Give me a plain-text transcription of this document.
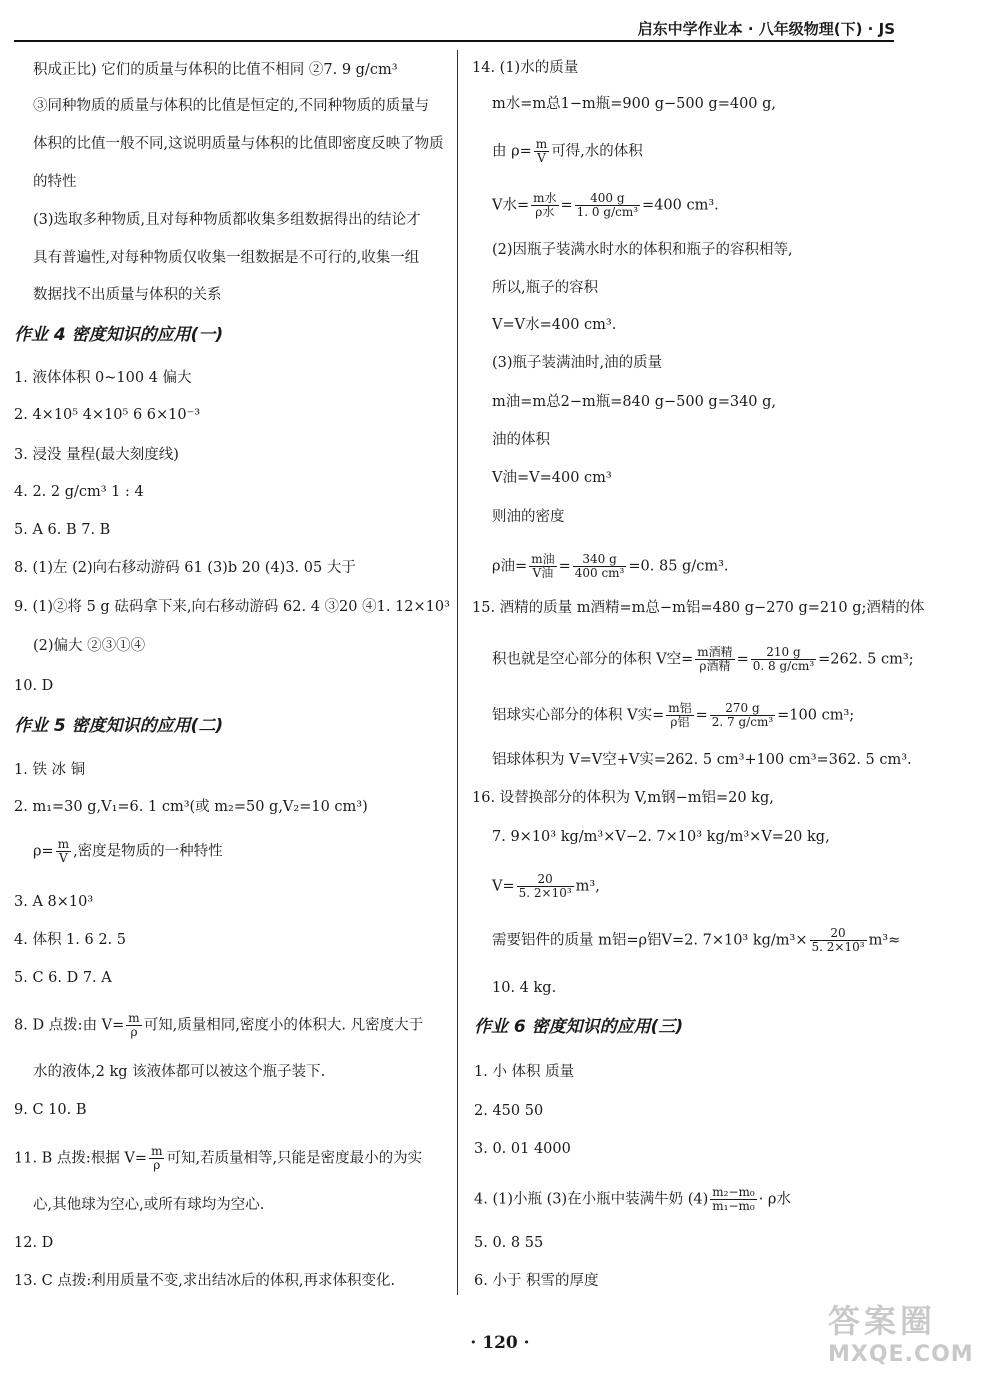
启东中学作业本 · 八年级物理(下) · JS
积成正比) 它们的质量与体积的比值不相同 ②7. 9 g/cm³
③同种物质的质量与体积的比值是恒定的,不同种物质的质量与
体积的比值一般不同,这说明质量与体积的比值即密度反映了物质
的特性
(3)选取多种物质,且对每种物质都收集多组数据得出的结论才
具有普遍性,对每种物质仅收集一组数据是不可行的,收集一组
数据找不出质量与体积的关系
作业 4 密度知识的应用(一)
1. 液体体积 0~100 4 偏大
2. 4×10⁵ 4×10⁵ 6 6×10⁻³
3. 浸没 量程(最大刻度线)
4. 2. 2 g/cm³ 1 : 4
5. A 6. B 7. B
8. (1)左 (2)向右移动游码 61 (3)b 20 (4)3. 05 大于
9. (1)②将 5 g 砝码拿下来,向右移动游码 62. 4 ③20 ④1. 12×10³
(2)偏大 ②③①④
10. D
作业 5 密度知识的应用(二)
1. 铁 冰 铜
2. m₁=30 g,V₁=6. 1 cm³(或 m₂=50 g,V₂=10 cm³)
$\rho= \frac{m}{V}$ ,密度是物质的一种特性
3. A 8×10³
4. 体积 1. 6 2. 5
5. C 6. D 7. A
8. D 点拨:由 $V= \frac{m}{\rho}$ 可知,质量相同,密度小的体积大. 凡密度大于
水的液体,2 kg 该液体都可以被这个瓶子装下.
9. C 10. B
11. B 点拨:根据 $V= \frac{m}{\rho}$ 可知,若质量相等,只能是密度最小的为实
心,其他球为空心,或所有球均为空心.
12. D
13. C 点拨:利用质量不变,求出结冰后的体积,再求体积变化.
14. (1)水的质量
m水=m总1−m瓶=900 g−500 g=400 g,
由 $\rho= \frac{m}{V}$ 可得,水的体积
V水= $\frac{\text{m水}}{\text{ρ水}} = \frac{400 g}{\text{1. 0 g/cm³}} =400$ cm³.
(2)因瓶子装满水时水的体积和瓶子的容积相等,
所以,瓶子的容积
V=V水=400 cm³.
(3)瓶子装满油时,油的质量
m油=m总2−m瓶=840 g−500 g=340 g,
油的体积
V油=V=400 cm³
则油的密度
ρ油= $\frac{\text{m油}}{\text{V油}} = \frac{340 g}{\text{400 cm³}} =0$. 85 g/cm³.
15. 酒精的质量 m酒精=m总−m铝=480 g−270 g=210 g;酒精的体
积也就是空心部分的体积 V空= $\frac{\text{m酒精}}{\text{ρ酒精}} = \frac{210 g}{\text{0. 8 g/cm³}} =262$. 5 cm³;
铝球实心部分的体积 V实= $\frac{\text{m铝}}{\text{ρ铝}} = \frac{270 g}{\text{2. 7 g/cm³}} =100$ cm³;
铝球体积为 V=V空+V实=262. 5 cm³+100 cm³=362. 5 cm³.
16. 设替换部分的体积为 V,m钢−m铝=20 kg,
7. 9×10³ kg/m³×V−2. 7×10³ kg/m³×V=20 kg,
$V= \frac{20}{\text{5. 2×10³}} m^3$,
需要铝件的质量 m铝=ρ铝V=2. 7×10³ $kg/m^3\times \frac{20}{\text{5. 2×10³}} m^3\approx$
10. 4 kg.
作业 6 密度知识的应用(三)
1. 小 体积 质量
2. 450 50
3. 0. 01 4000
4. (1)小瓶 (3)在小瓶中装满牛奶 $(4) \frac{\text{m₂−m₀}}{\text{m₁−m₀}} \cdot \rho$水
5. 0. 8 55
6. 小于 积雪的厚度
· 120 ·
答案圈
MXQE.COM
